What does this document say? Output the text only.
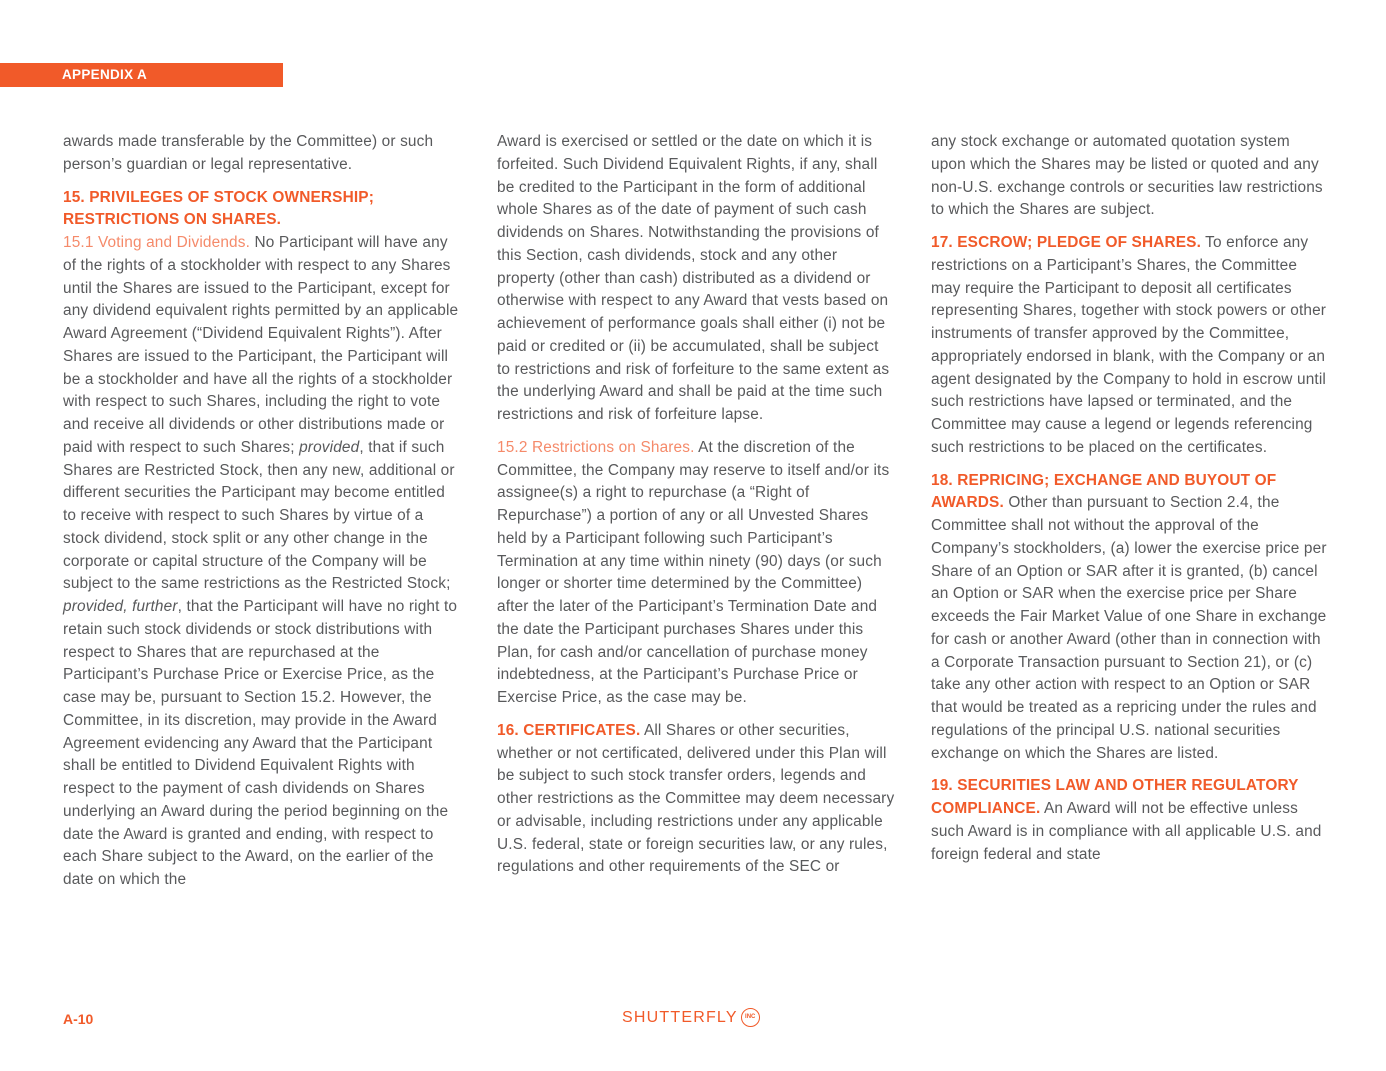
APPENDIX A

awards made transferable by the Committee) or such person’s guardian or legal representative.

15. PRIVILEGES OF STOCK OWNERSHIP; RESTRICTIONS ON SHARES.

15.1 Voting and Dividends. No Participant will have any of the rights of a stockholder with respect to any Shares until the Shares are issued to the Participant, except for any dividend equivalent rights permitted by an applicable Award Agreement (“Dividend Equivalent Rights”). After Shares are issued to the Participant, the Participant will be a stockholder and have all the rights of a stockholder with respect to such Shares, including the right to vote and receive all dividends or other distributions made or paid with respect to such Shares; provided, that if such Shares are Restricted Stock, then any new, additional or different securities the Participant may become entitled to receive with respect to such Shares by virtue of a stock dividend, stock split or any other change in the corporate or capital structure of the Company will be subject to the same restrictions as the Restricted Stock; provided, further, that the Participant will have no right to retain such stock dividends or stock distributions with respect to Shares that are repurchased at the Participant’s Purchase Price or Exercise Price, as the case may be, pursuant to Section 15.2. However, the Committee, in its discretion, may provide in the Award Agreement evidencing any Award that the Participant shall be entitled to Dividend Equivalent Rights with respect to the payment of cash dividends on Shares underlying an Award during the period beginning on the date the Award is granted and ending, with respect to each Share subject to the Award, on the earlier of the date on which the

Award is exercised or settled or the date on which it is forfeited. Such Dividend Equivalent Rights, if any, shall be credited to the Participant in the form of additional whole Shares as of the date of payment of such cash dividends on Shares. Notwithstanding the provisions of this Section, cash dividends, stock and any other property (other than cash) distributed as a dividend or otherwise with respect to any Award that vests based on achievement of performance goals shall either (i) not be paid or credited or (ii) be accumulated, shall be subject to restrictions and risk of forfeiture to the same extent as the underlying Award and shall be paid at the time such restrictions and risk of forfeiture lapse.

15.2 Restrictions on Shares. At the discretion of the Committee, the Company may reserve to itself and/or its assignee(s) a right to repurchase (a “Right of Repurchase”) a portion of any or all Unvested Shares held by a Participant following such Participant’s Termination at any time within ninety (90) days (or such longer or shorter time determined by the Committee) after the later of the Participant’s Termination Date and the date the Participant purchases Shares under this Plan, for cash and/or cancellation of purchase money indebtedness, at the Participant’s Purchase Price or Exercise Price, as the case may be.

16. CERTIFICATES. All Shares or other securities, whether or not certificated, delivered under this Plan will be subject to such stock transfer orders, legends and other restrictions as the Committee may deem necessary or advisable, including restrictions under any applicable U.S. federal, state or foreign securities law, or any rules, regulations and other requirements of the SEC or

any stock exchange or automated quotation system upon which the Shares may be listed or quoted and any non-U.S. exchange controls or securities law restrictions to which the Shares are subject.

17. ESCROW; PLEDGE OF SHARES. To enforce any restrictions on a Participant’s Shares, the Committee may require the Participant to deposit all certificates representing Shares, together with stock powers or other instruments of transfer approved by the Committee, appropriately endorsed in blank, with the Company or an agent designated by the Company to hold in escrow until such restrictions have lapsed or terminated, and the Committee may cause a legend or legends referencing such restrictions to be placed on the certificates.

18. REPRICING; EXCHANGE AND BUYOUT OF AWARDS. Other than pursuant to Section 2.4, the Committee shall not without the approval of the Company’s stockholders, (a) lower the exercise price per Share of an Option or SAR after it is granted, (b) cancel an Option or SAR when the exercise price per Share exceeds the Fair Market Value of one Share in exchange for cash or another Award (other than in connection with a Corporate Transaction pursuant to Section 21), or (c) take any other action with respect to an Option or SAR that would be treated as a repricing under the rules and regulations of the principal U.S. national securities exchange on which the Shares are listed.

19. SECURITIES LAW AND OTHER REGULATORY COMPLIANCE. An Award will not be effective unless such Award is in compliance with all applicable U.S. and foreign federal and state

A-10	SHUTTERFLY	INC
